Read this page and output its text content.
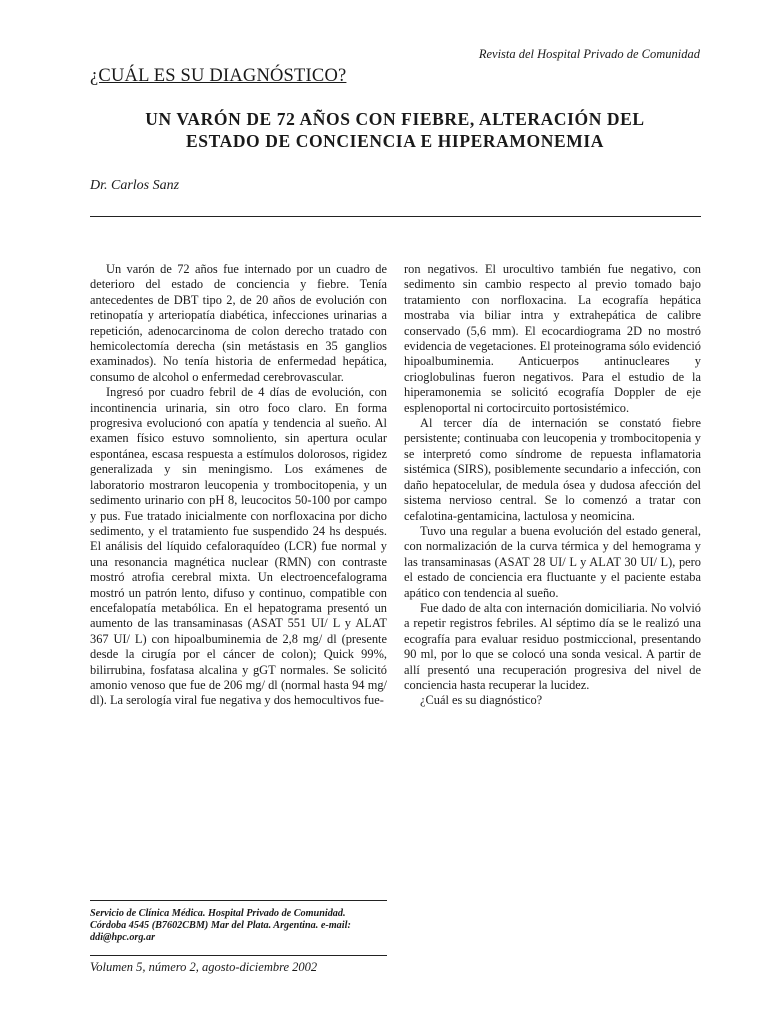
Revista del Hospital Privado de Comunidad
¿CUÁL ES SU DIAGNÓSTICO?
UN VARÓN DE 72 AÑOS CON FIEBRE, ALTERACIÓN DEL
ESTADO DE CONCIENCIA E HIPERAMONEMIA
Dr. Carlos Sanz

Un varón de 72 años fue internado por un cuadro de deterioro del estado de conciencia y fiebre. Tenía antecedentes de DBT tipo 2, de 20 años de evolución con retinopatía y arteriopatía diabética, infecciones urinarias a repetición, adenocarcinoma de colon derecho tratado con hemicolectomía derecha (sin metástasis en 35 ganglios examinados). No tenía historia de enfermedad hepática, consumo de alcohol o enfermedad cerebrovascular.

Ingresó por cuadro febril de 4 días de evolución, con incontinencia urinaria, sin otro foco claro. En forma progresiva evolucionó con apatía y tendencia al sueño. Al examen físico estuvo somnoliento, sin apertura ocular espontánea, escasa respuesta a estímulos dolorosos, rigidez generalizada y sin meningismo. Los exámenes de laboratorio mostraron leucopenia y trombocitopenia, y un sedimento urinario con pH 8, leucocitos 50-100 por campo y pus. Fue tratado inicialmente con norfloxacina por dicho sedimento, y el tratamiento fue suspendido 24 hs después. El análisis del líquido cefaloraquídeo (LCR) fue normal y una resonancia magnética nuclear (RMN) con contraste mostró atrofia cerebral mixta. Un electroencefalograma mostró un patrón lento, difuso y continuo, compatible con encefalopatía metabólica. En el hepatograma presentó un aumento de las transaminasas (ASAT 551 UI/ L y ALAT 367 UI/ L) con hipoalbuminemia de 2,8 mg/ dl (presente desde la cirugía por el cáncer de colon); Quick 99%, bilirrubina, fosfatasa alcalina y gGT normales. Se solicitó amonio venoso que fue de 206 mg/ dl (normal hasta 94 mg/ dl). La serología viral fue negativa y dos hemocultivos fue-

ron negativos. El urocultivo también fue negativo, con sedimento sin cambio respecto al previo tomado bajo tratamiento con norfloxacina. La ecografía hepática mostraba via biliar intra y extrahepática de calibre conservado (5,6 mm). El ecocardiograma 2D no mostró evidencia de vegetaciones. El proteinograma sólo evidenció hipoalbuminemia. Anticuerpos antinucleares y crioglobulinas fueron negativos. Para el estudio de la hiperamonemia se solicitó ecografía Doppler de eje esplenoportal ni cortocircuito portosistémico.

Al tercer día de internación se constató fiebre persistente; continuaba con leucopenia y trombocitopenia y se interpretó como síndrome de repuesta inflamatoria sistémica (SIRS), posiblemente secundario a infección, con daño hepatocelular, de medula ósea y dudosa afección del sistema nervioso central. Se lo comenzó a tratar con cefalotina-gentamicina, lactulosa y neomicina.

Tuvo una regular a buena evolución del estado general, con normalización de la curva térmica y del hemograma y las transaminasas (ASAT 28 UI/ L y ALAT 30 UI/ L), pero el estado de conciencia era fluctuante y el paciente estaba apático con tendencia al sueño.

Fue dado de alta con internación domiciliaria. No volvió a repetir registros febriles. Al séptimo día se le realizó una ecografía para evaluar residuo postmiccional, presentando 90 ml, por lo que se colocó una sonda vesical. A partir de allí presentó una recuperación progresiva del nivel de conciencia hasta recuperar la lucidez.

¿Cuál es su diagnóstico?

Servicio de Clínica Médica. Hospital Privado de Comunidad.
Córdoba 4545 (B7602CBM) Mar del Plata. Argentina. e-mail:
ddi@hpc.org.ar
Volumen 5, número 2, agosto-diciembre 2002
